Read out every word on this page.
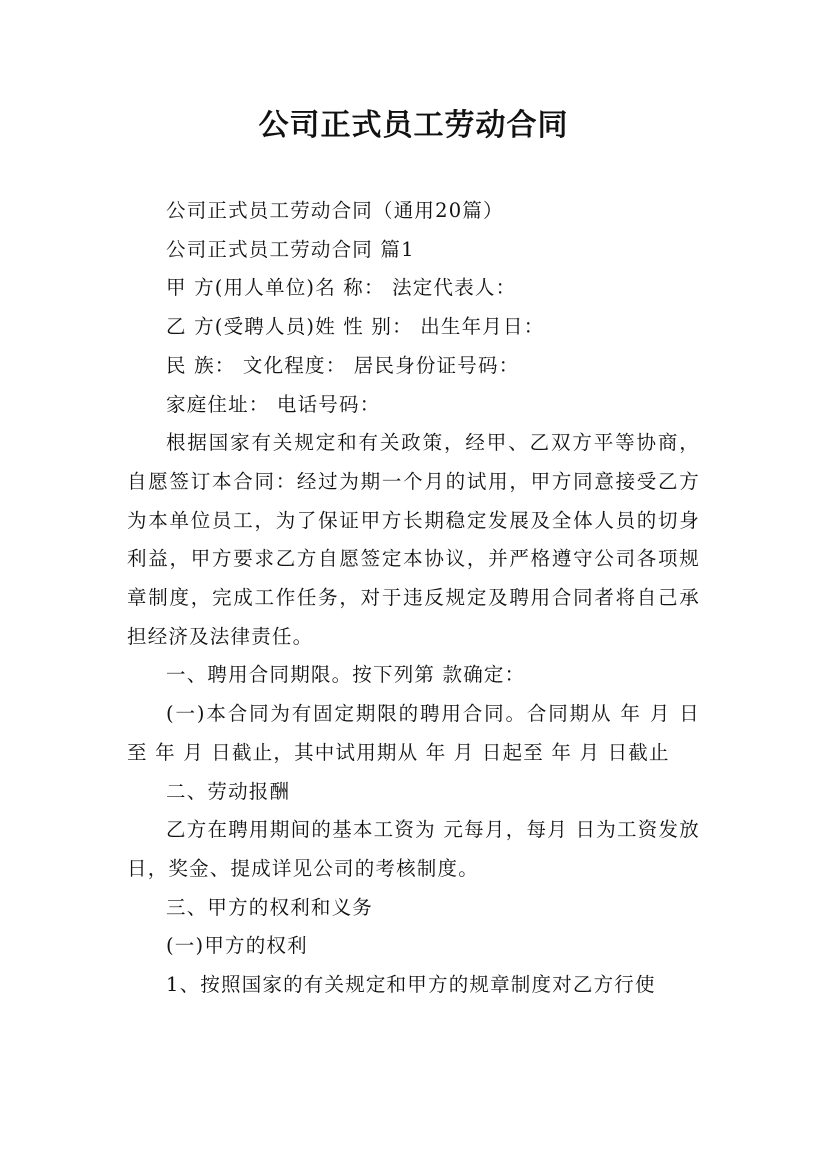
公司正式员工劳动合同

公司正式员工劳动合同（通用20篇）

公司正式员工劳动合同 篇1

甲 方(用人单位)名 称： 法定代表人：

乙 方(受聘人员)姓 性 别： 出生年月日：

民 族： 文化程度： 居民身份证号码：

家庭住址： 电话号码：

根据国家有关规定和有关政策，经甲、乙双方平等协商，自愿签订本合同：经过为期一个月的试用，甲方同意接受乙方为本单位员工，为了保证甲方长期稳定发展及全体人员的切身利益，甲方要求乙方自愿签定本协议，并严格遵守公司各项规章制度，完成工作任务，对于违反规定及聘用合同者将自己承担经济及法律责任。

一、聘用合同期限。按下列第 款确定：

(一)本合同为有固定期限的聘用合同。合同期从 年 月 日至 年 月 日截止，其中试用期从 年 月 日起至 年 月 日截止

二、劳动报酬

乙方在聘用期间的基本工资为 元每月，每月 日为工资发放日，奖金、提成详见公司的考核制度。

三、甲方的权利和义务

(一)甲方的权利

1、按照国家的有关规定和甲方的规章制度对乙方行使
